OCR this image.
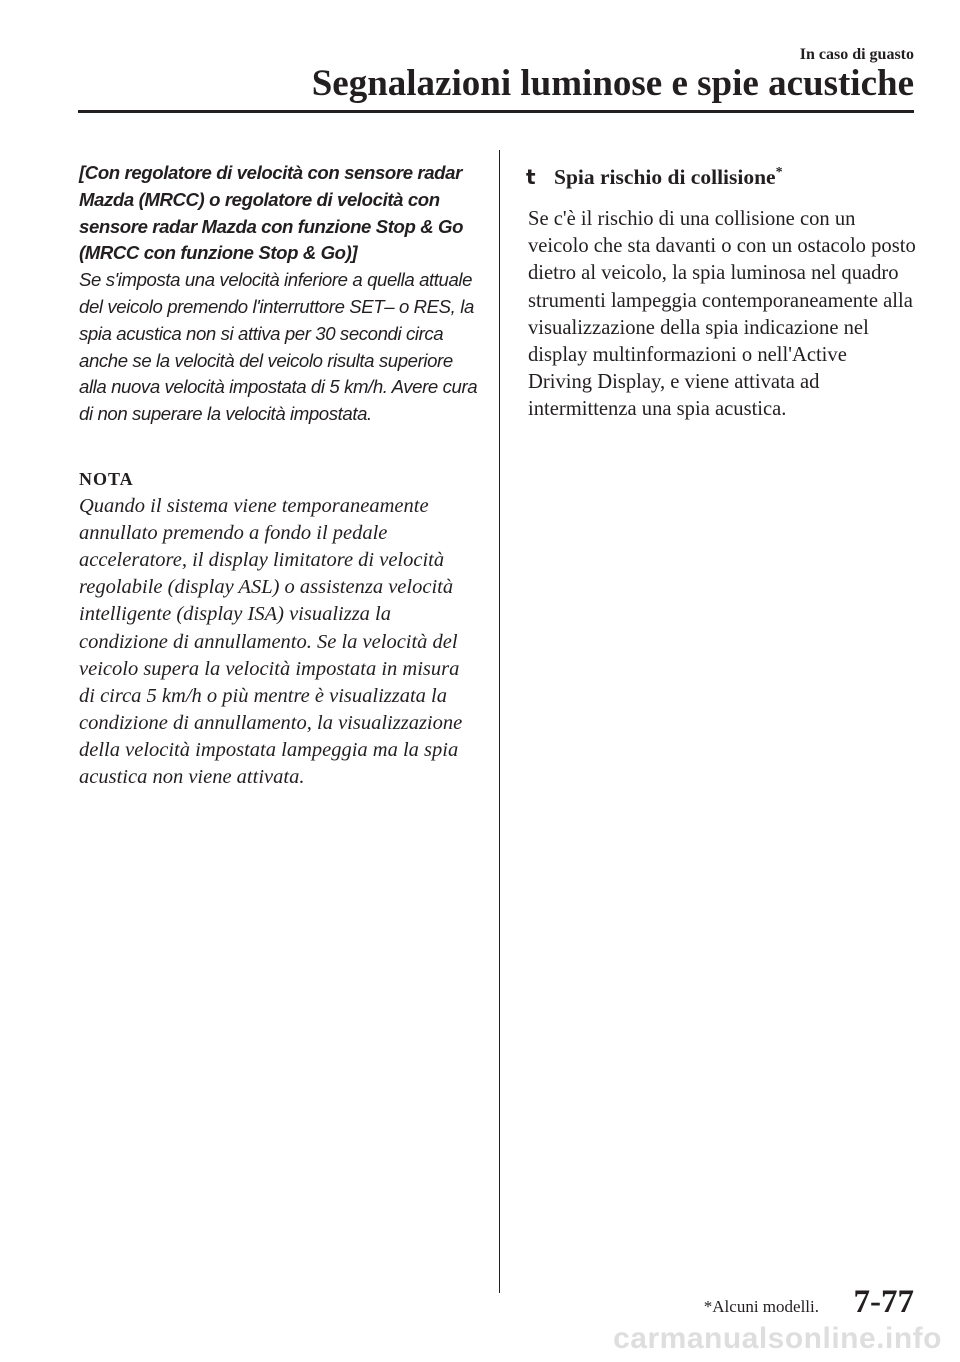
In caso di guasto
Segnalazioni luminose e spie acustiche

[Con regolatore di velocità con sensore radar Mazda (MRCC) o regolatore di velocità con sensore radar Mazda con funzione Stop & Go (MRCC con funzione Stop & Go)]

Se s'imposta una velocità inferiore a quella attuale del veicolo premendo l'interruttore SET– o RES, la spia acustica non si attiva per 30 secondi circa anche se la velocità del veicolo risulta superiore alla nuova velocità impostata di 5 km/h. Avere cura di non superare la velocità impostata.

NOTA

Quando il sistema viene temporaneamente annullato premendo a fondo il pedale acceleratore, il display limitatore di velocità regolabile (display ASL) o assistenza velocità intelligente (display ISA) visualizza la condizione di annullamento. Se la velocità del veicolo supera la velocità impostata in misura di circa 5 km/h o più mentre è visualizzata la condizione di annullamento, la visualizzazione della velocità impostata lampeggia ma la spia acustica non viene attivata.

t Spia rischio di collisione*

Se c'è il rischio di una collisione con un veicolo che sta davanti o con un ostacolo posto dietro al veicolo, la spia luminosa nel quadro strumenti lampeggia contemporaneamente alla visualizzazione della spia indicazione nel display multinformazioni o nell'Active Driving Display, e viene attivata ad intermittenza una spia acustica.

*Alcuni modelli. 7-77
carmanualsonline.info
